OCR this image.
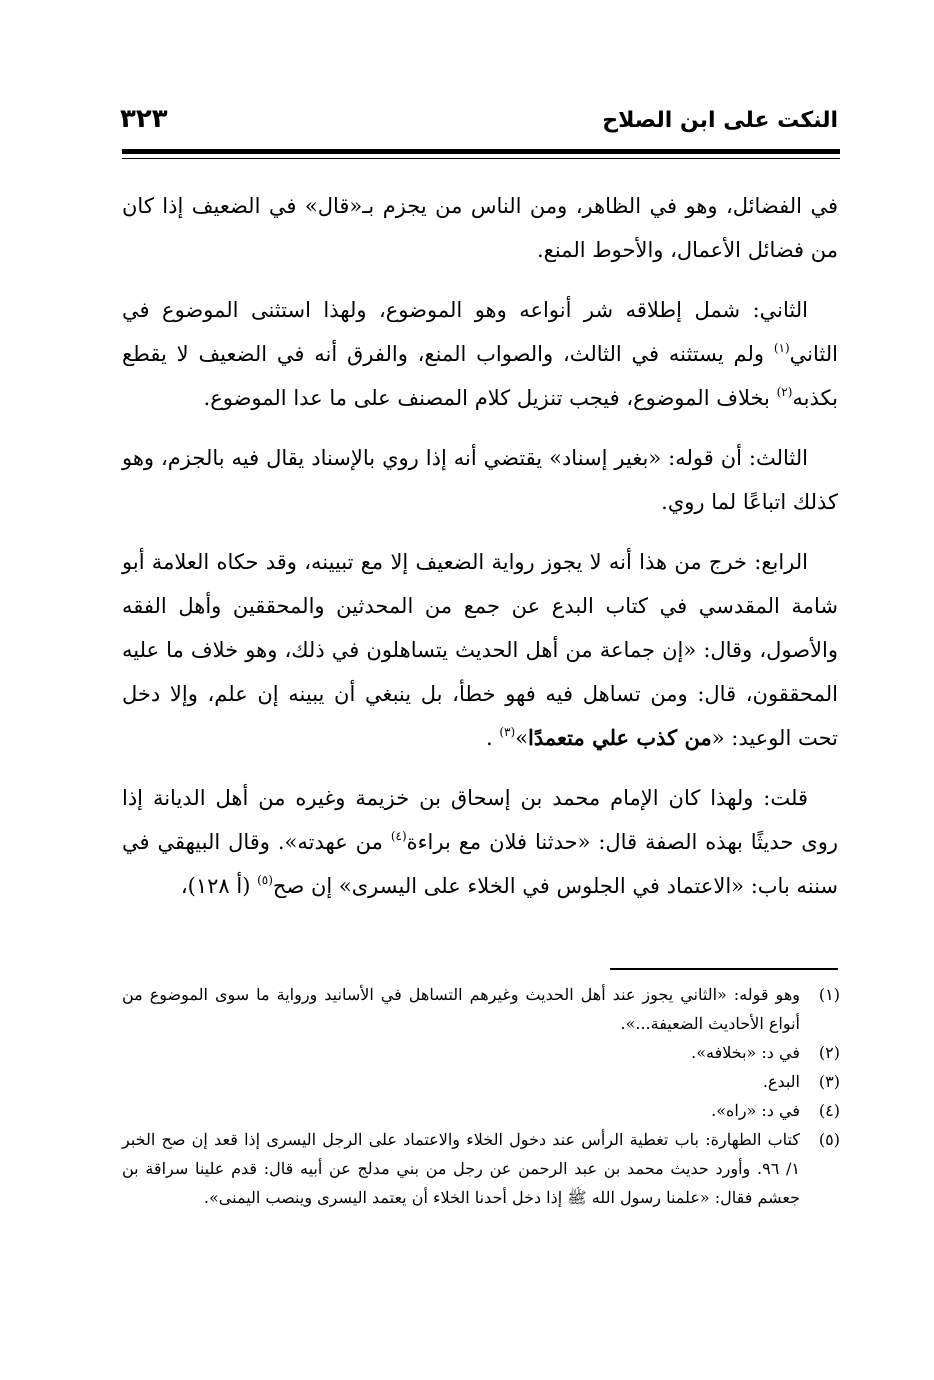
النكت على ابن الصلاح
٣٢٣

في الفضائل، وهو في الظاهر، ومن الناس من يجزم بـ«قال» في الضعيف إذا كان من فضائل الأعمال، والأحوط المنع.

الثاني: شمل إطلاقه شر أنواعه وهو الموضوع، ولهذا استثنى الموضوع في الثاني$^{(١)}$ ولم يستثنه في الثالث، والصواب المنع، والفرق أنه في الضعيف لا يقطع بكذبه$^{(٢)}$ بخلاف الموضوع، فيجب تنزيل كلام المصنف على ما عدا الموضوع.

الثالث: أن قوله: «بغير إسناد» يقتضي أنه إذا روي بالإسناد يقال فيه بالجزم، وهو كذلك اتباعًا لما روي.

الرابع: خرج من هذا أنه لا يجوز رواية الضعيف إلا مع تبيينه، وقد حكاه العلامة أبو شامة المقدسي في كتاب البدع عن جمع من المحدثين والمحققين وأهل الفقه والأصول، وقال: «إن جماعة من أهل الحديث يتساهلون في ذلك، وهو خلاف ما عليه المحققون، قال: ومن تساهل فيه فهو خطأ، بل ينبغي أن يبينه إن علم، وإلا دخل تحت الوعيد: «من كذب علي متعمدًا»$^{(٣)}$ .

قلت: ولهذا كان الإمام محمد بن إسحاق بن خزيمة وغيره من أهل الديانة إذا روى حديثًا بهذه الصفة قال: «حدثنا فلان مع براءة$^{(٤)}$ من عهدته». وقال البيهقي في سننه باب: «الاعتماد في الجلوس في الخلاء على اليسرى» إن صح$^{(٥)}$ (أ ١٢٨)،

(١)
وهو قوله: «الثاني يجوز عند أهل الحديث وغيرهم التساهل في الأسانيد ورواية ما سوى الموضوع من أنواع الأحاديث الضعيفة...».
(٢)
في د: «بخلافه».
(٣)
البدع.
(٤)
في د: «راه».
(٥)
كتاب الطهارة: باب تغطية الرأس عند دخول الخلاء والاعتماد على الرجل اليسرى إذا قعد إن صح الخبر ١/ ٩٦. وأورد حديث محمد بن عبد الرحمن عن رجل من بني مدلج عن أبيه قال: قدم علينا سراقة بن جعشم فقال: «علمنا رسول الله ﷺ إذا دخل أحدنا الخلاء أن يعتمد اليسرى وينصب اليمنى».
